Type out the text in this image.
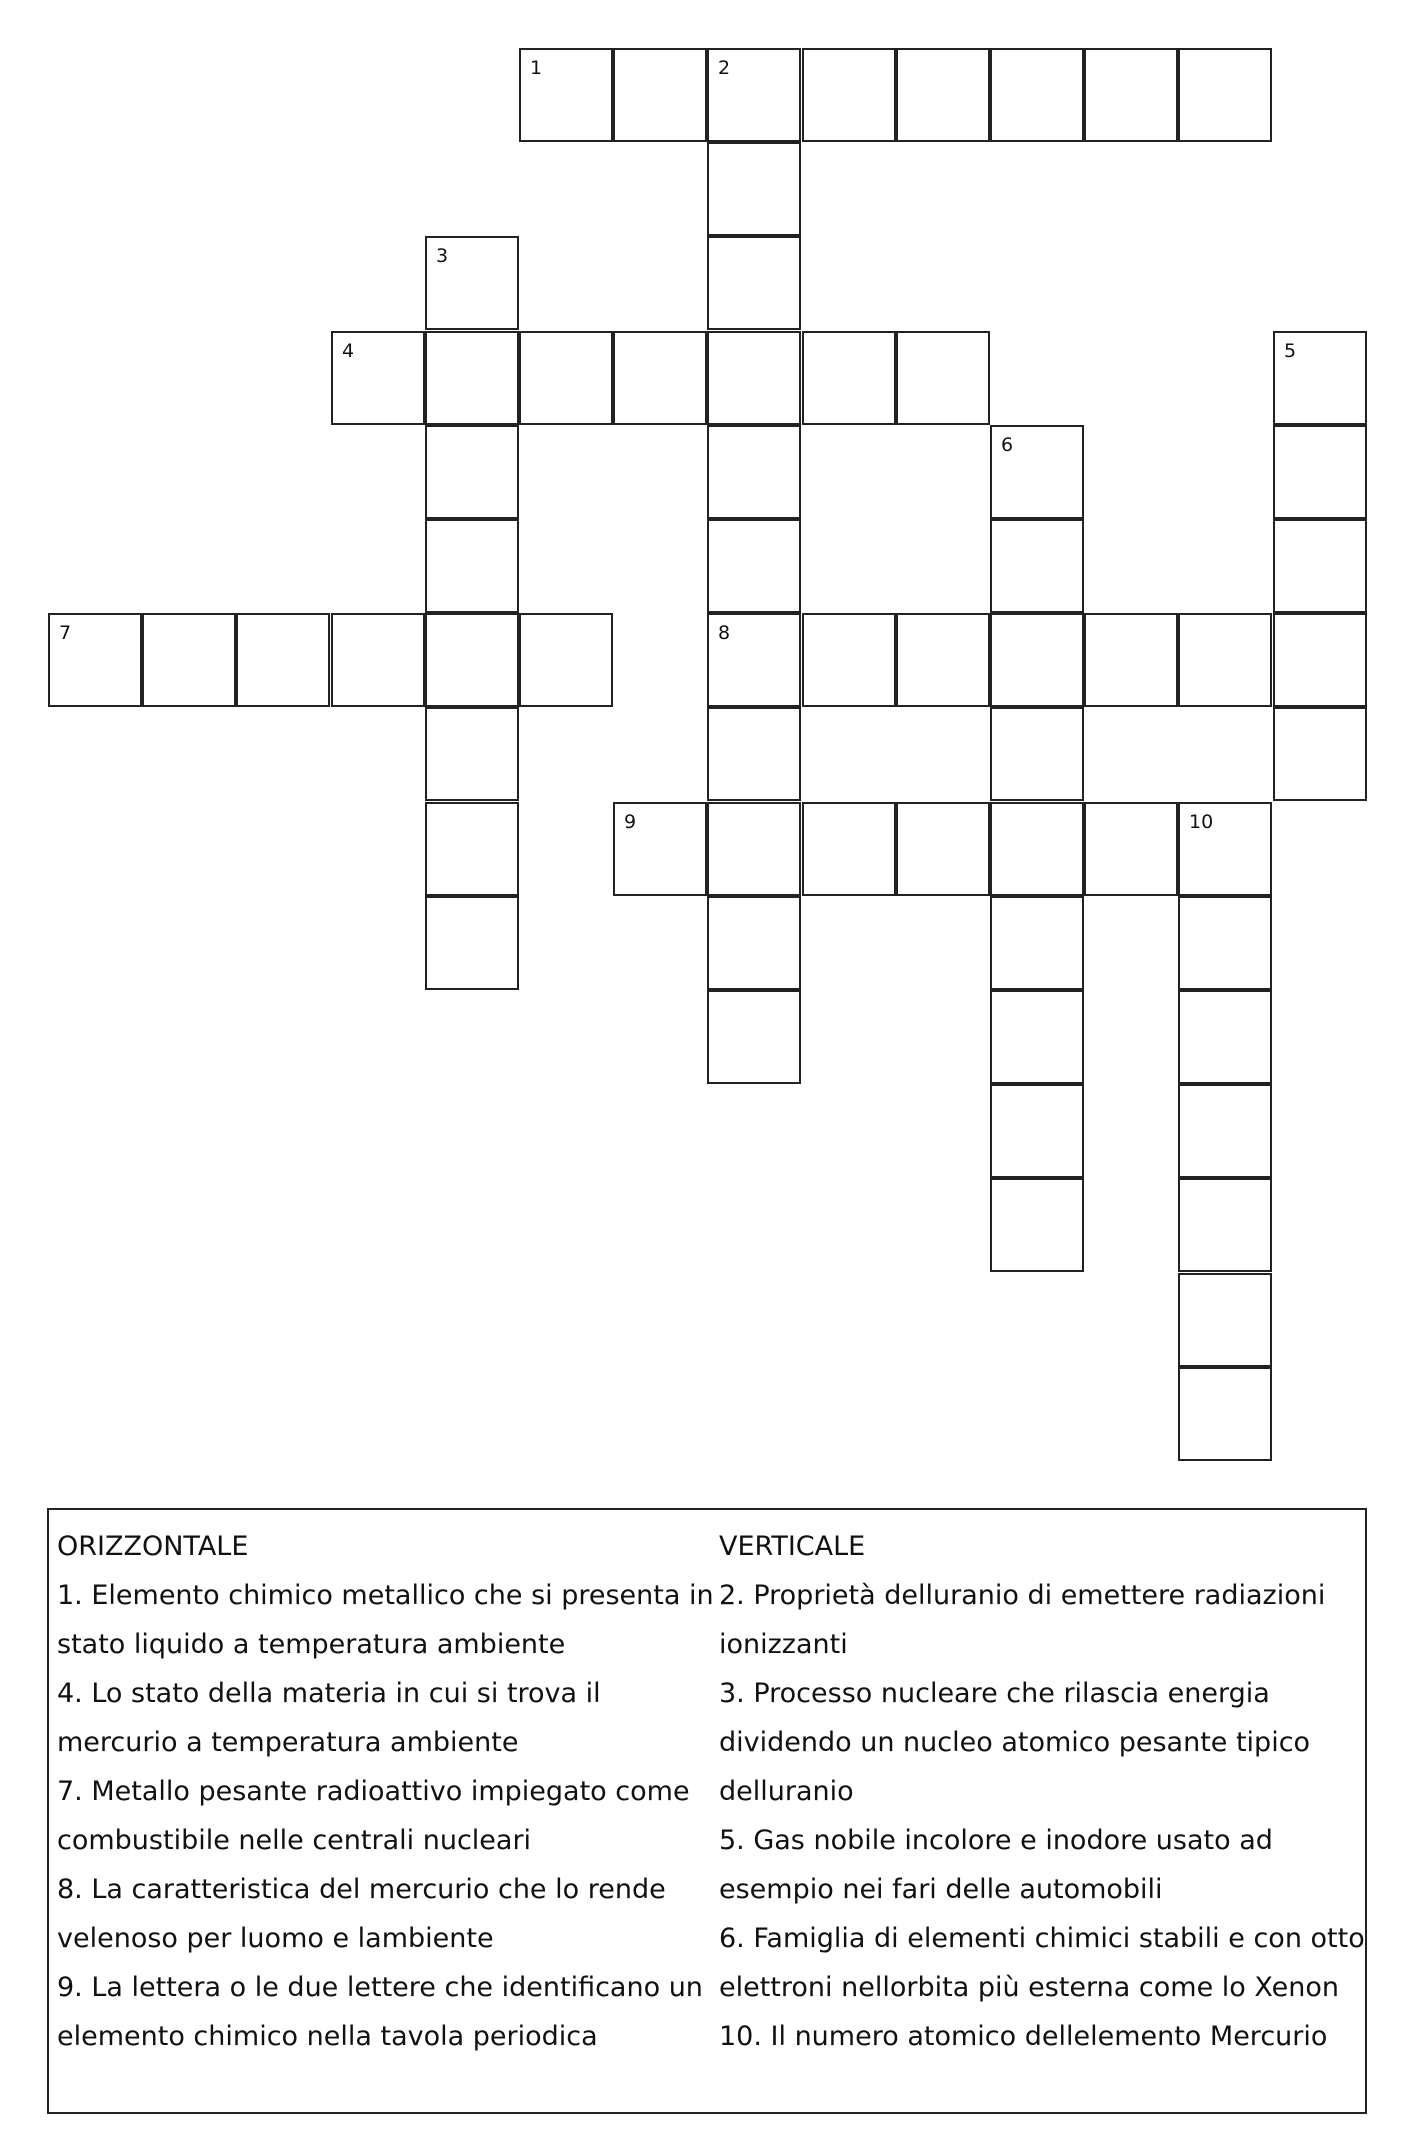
1	2
3
4	5
6
7	8
9	10
ORIZZONTALE
1. Elemento chimico metallico che si presenta in
stato liquido a temperatura ambiente
4. Lo stato della materia in cui si trova il
mercurio a temperatura ambiente
7. Metallo pesante radioattivo impiegato come
combustibile nelle centrali nucleari
8. La caratteristica del mercurio che lo rende
velenoso per luomo e lambiente
9. La lettera o le due lettere che identificano un
elemento chimico nella tavola periodica
VERTICALE
2. Proprietà delluranio di emettere radiazioni
ionizzanti
3. Processo nucleare che rilascia energia
dividendo un nucleo atomico pesante tipico
delluranio
5. Gas nobile incolore e inodore usato ad
esempio nei fari delle automobili
6. Famiglia di elementi chimici stabili e con otto
elettroni nellorbita più esterna come lo Xenon
10. Il numero atomico dellelemento Mercurio
